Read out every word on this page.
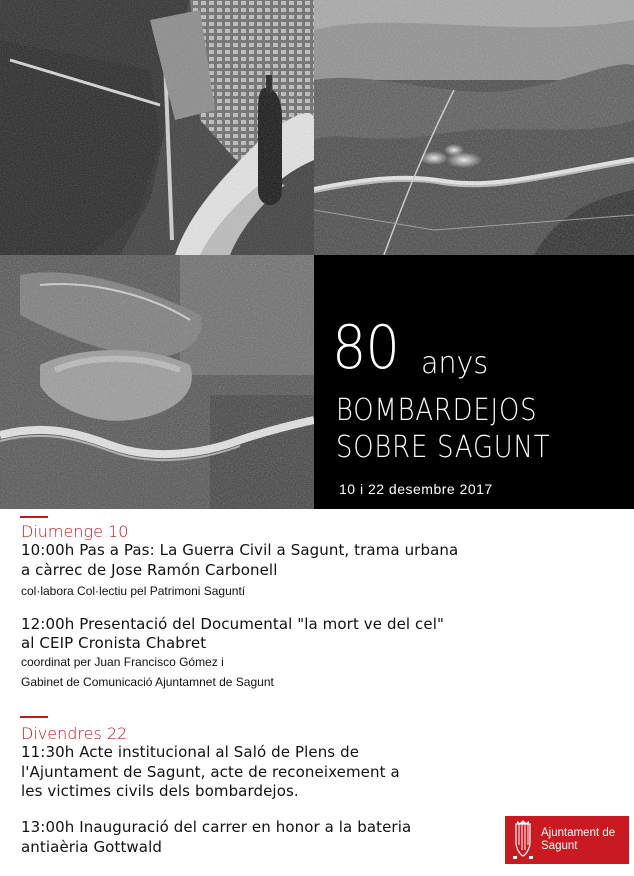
80 anys
BOMBARDEJOS
SOBRE SAGUNT
10 i 22 desembre 2017
Diumenge 10
10:00h Pas a Pas: La Guerra Civil a Sagunt, trama urbana
a càrrec de Jose Ramón Carbonell
col·labora Col·lectiu pel Patrimoni Saguntí
12:00h Presentació del Documental "la mort ve del cel"
al CEIP Cronista Chabret
coordinat per Juan Francisco Gómez i
Gabinet de Comunicació Ajuntamnet de Sagunt
Divendres 22
11:30h Acte institucional al Saló de Plens de
l'Ajuntament de Sagunt, acte de reconeixement a
les victimes civils dels bombardejos.
13:00h Inauguració del carrer en honor a la bateria
antiaèria Gottwald
Ajuntament de
Sagunt
